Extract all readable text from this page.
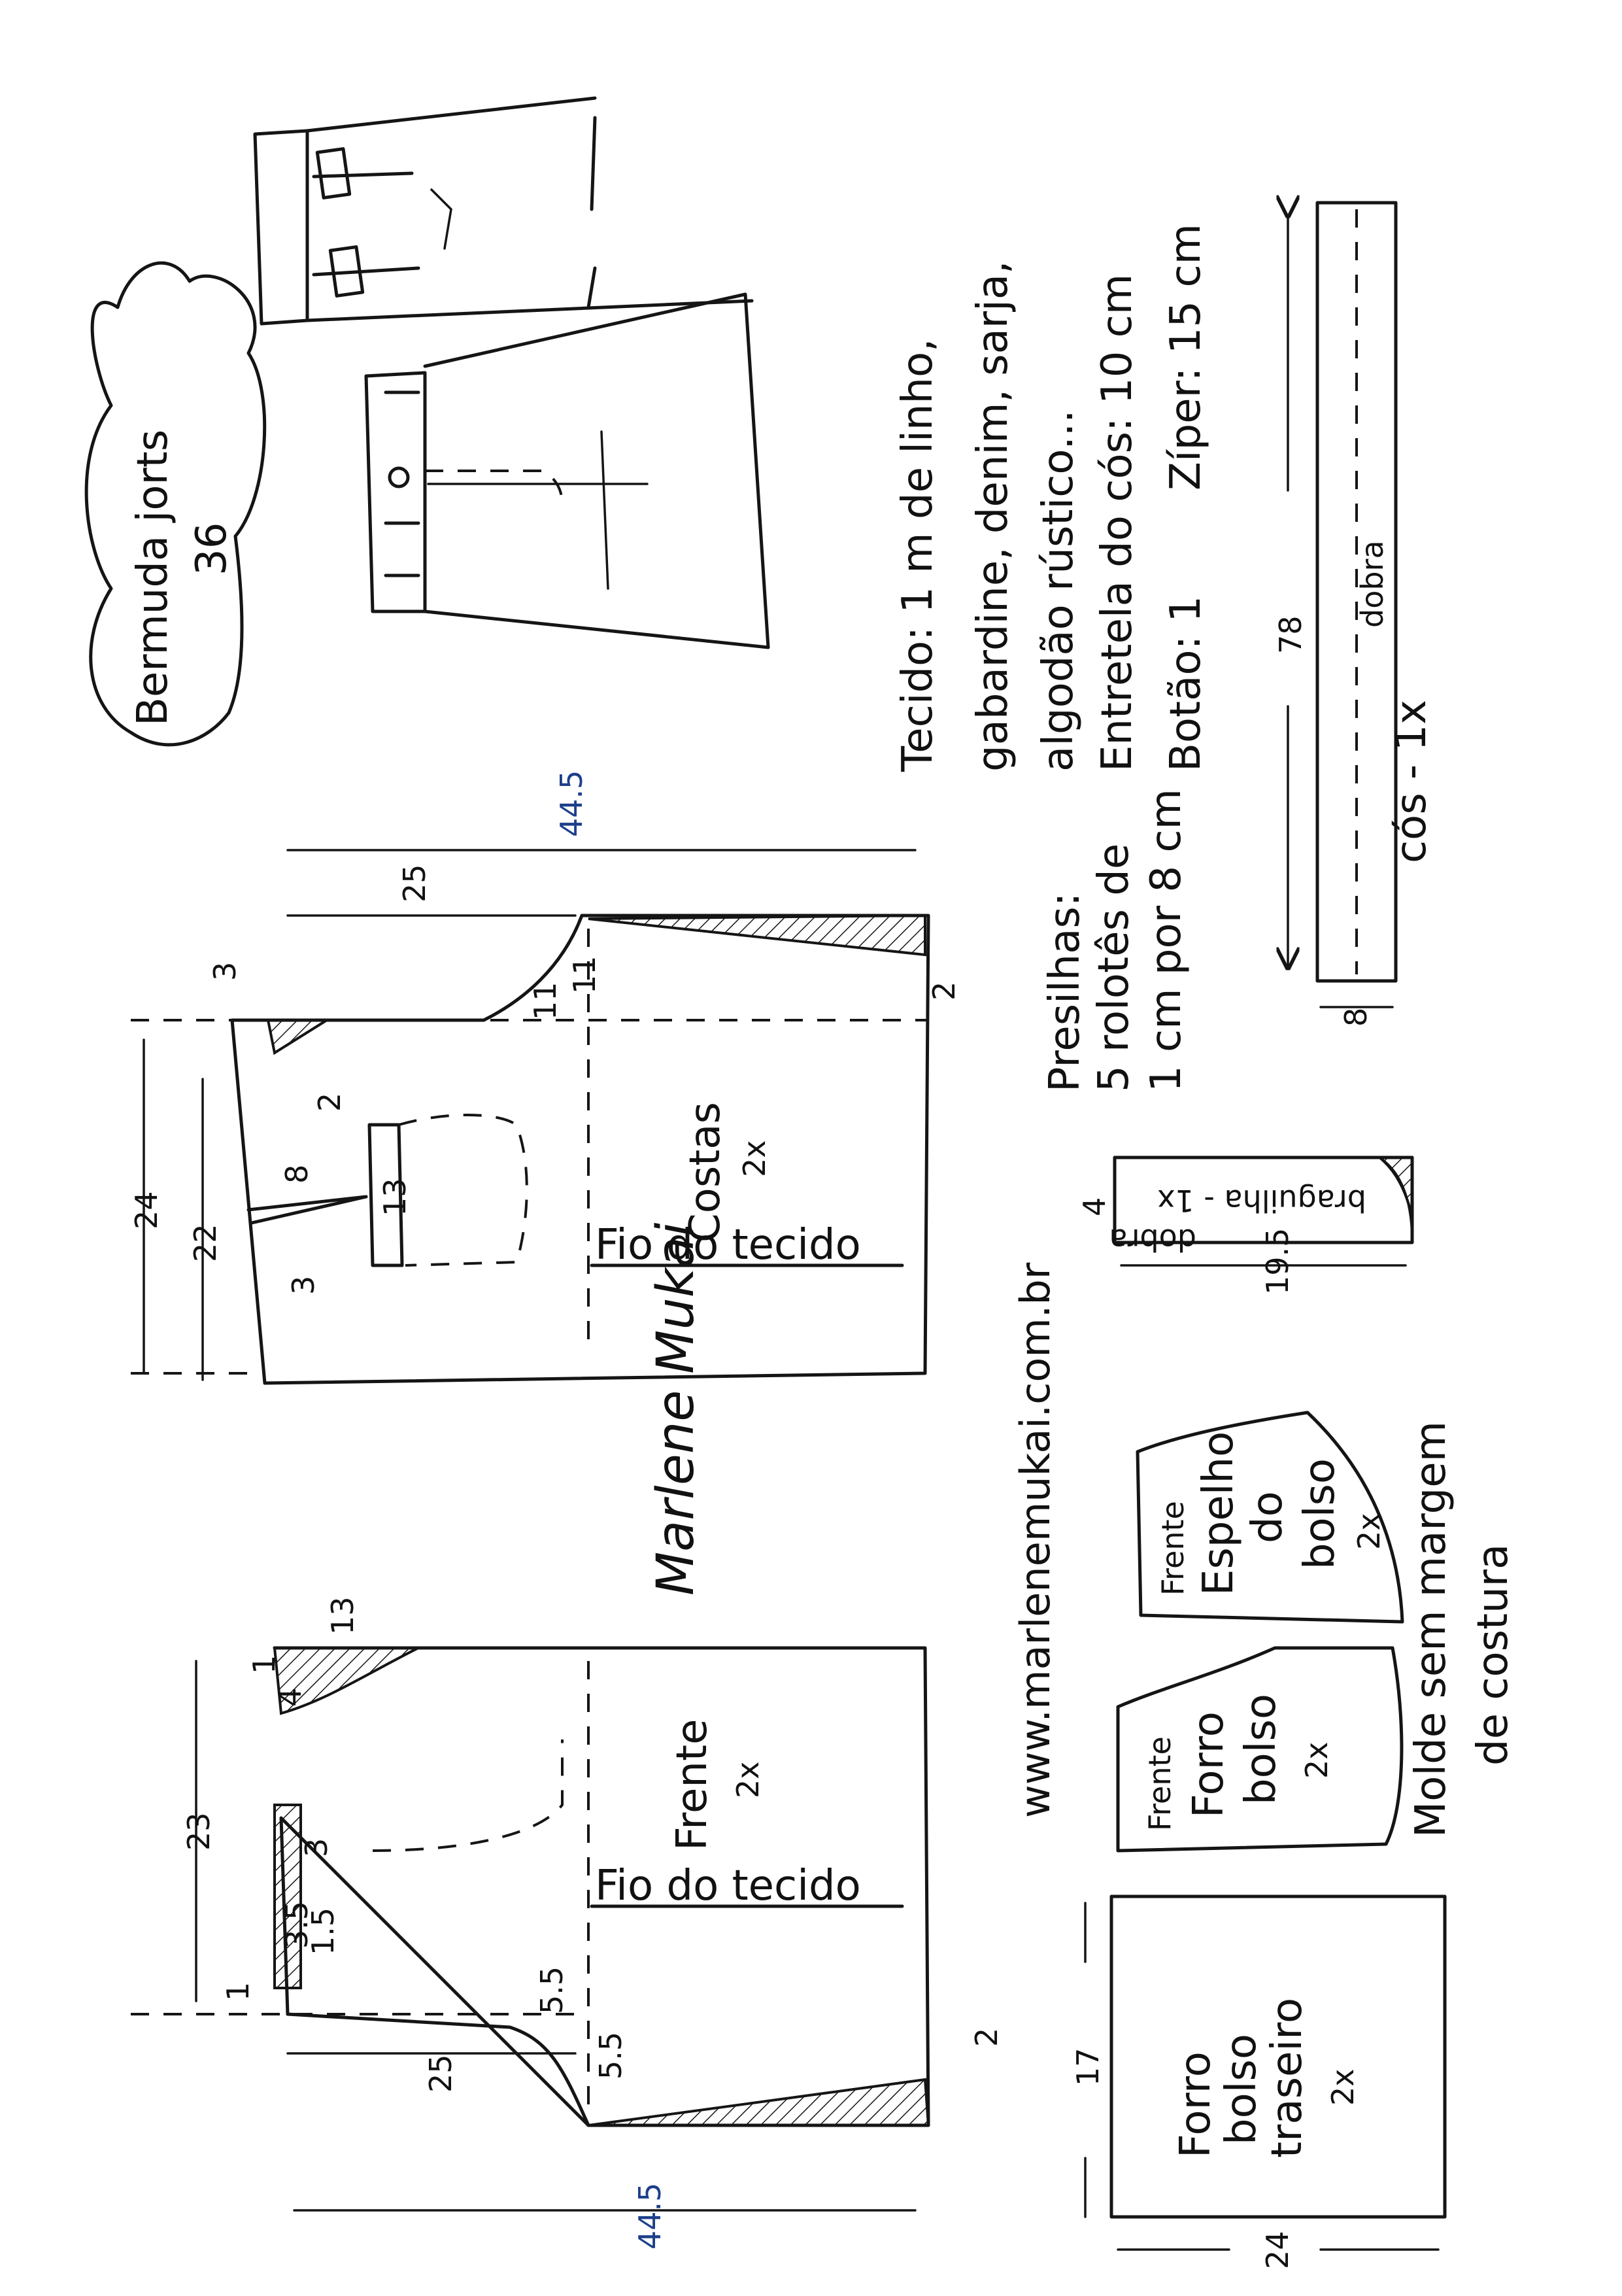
Bermuda jorts 36	Tecido: 1 m de linho, gabardine, denim, sarja, algodão rústico... Entretela do cós: 10 cm Botão: 1
Zíper: 15 cm
Presilhas: 5 rolotês de 1 cm por 8 cm
78
dobra
cós - 1x
8
dobra
braguilha - 1x
4
19.5
Molde sem margem de costura
Frente Espelho do bolso 2x
Frente Forro bolso 2x
Forro
bolso
traseiro 2x
17
24
www.marlenemukai.com.br
Marlene Mukai
Costas 2x
Fio do tecido
44.5
25
24
22
3
3
2
2
11
11
8
13
Frente 2x
Fio do tecido
44.5
25
23
13
1
1
4
3
3.5
1.5
5.5
5.5	2
